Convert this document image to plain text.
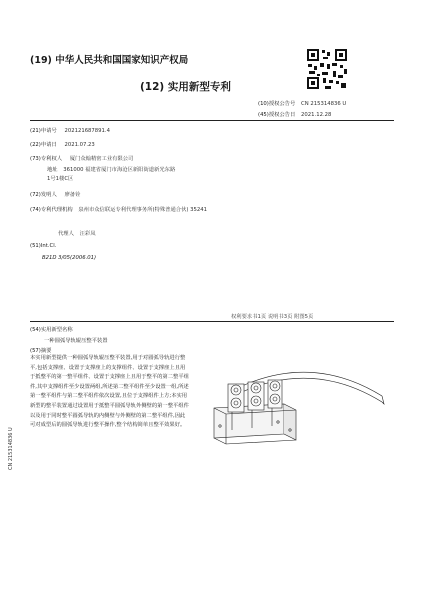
(19) 中华人民共和国国家知识产权局
(12) 实用新型专利
(10)授权公告号 CN 215314836 U
(45)授权公告日 2021.12.28
(21)申请号 202121687891.4
(22)申请日 2021.07.23
(73)专利权人 厦门众翰精密工业有限公司
地址 361000 福建省厦门市海沧区新阳街道新光东路1号1楼C区
(72)发明人 廖备铨
(74)专利代理机构 泉州市众信联运专利代理事务所(特殊普通合伙) 35241
代理人 汪彩凤
(51)Int.Cl.
B21D 3/05(2006.01)
权利要求书1页 说明书3页 附图5页
(54)实用新型名称
一种圆弧导轨辊压整平装置
(57)摘要
本实用新型提供一种圆弧导轨辊压整平装置,用于对圆弧导轨进行整平,包括支撑座、设置于支撑座上的支撑组件、设置于支撑座上且用于抵整平的第一整平组件、设置于支撑座上且用于整平的第二整平组件,其中支撑组件至少设置两组,所述第二整平组件至少设置一组,所述第一整平组件与第二整平组件依次设置,且位于支撑组件上方;本实用新型的整平装置通过设置用于抵整平圆弧导轨外侧壁的第一整平组件以及用于同时整平圆弧导轨的内侧壁与外侧壁的第二整平组件,因此可对成型后的圆弧导轨进行整平操作,整个结构简单且整平效果好。
CN 215314836 U
